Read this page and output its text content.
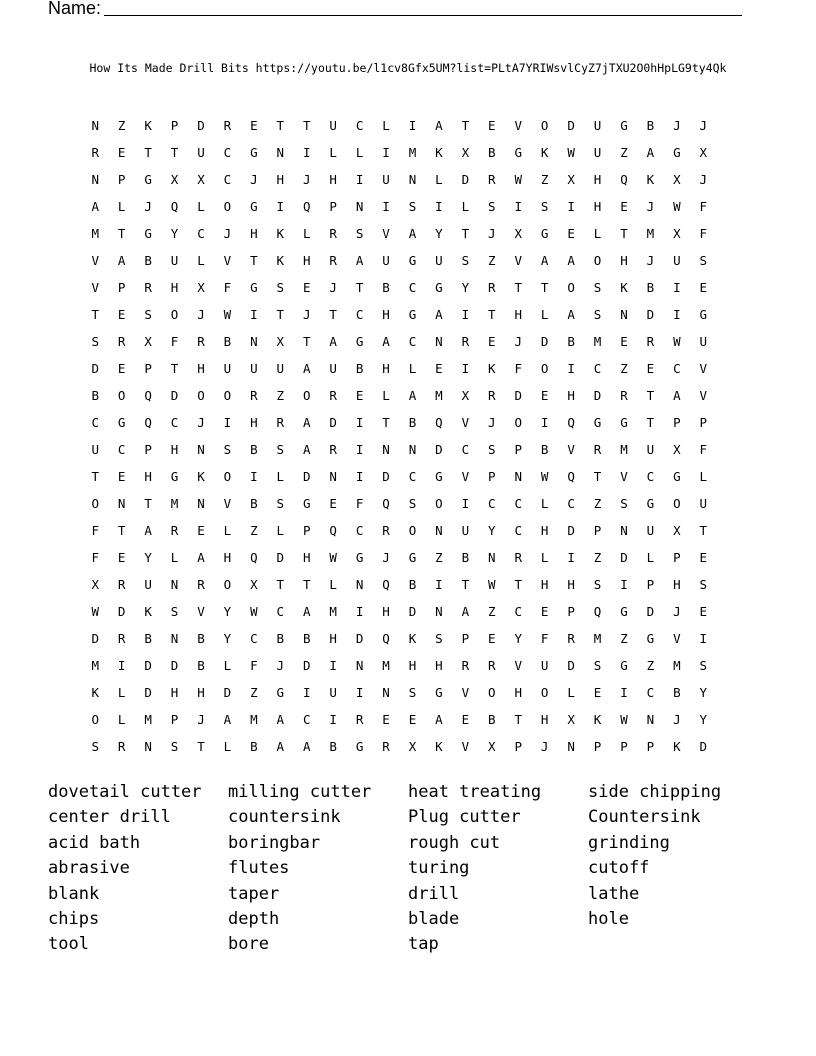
Name:
How Its Made Drill Bits https://youtu.be/l1cv8Gfx5UM?list=PLtA7YRIWsvlCyZ7jTXU2O0hHpLG9ty4Qk
N	Z	K	P	D	R	E	T	T	U	C	L	I	A	T	E	V	O	D	U	G	B	J	J
R	E	T	T	U	C	G	N	I	L	L	I	M	K	X	B	G	K	W	U	Z	A	G	X
N	P	G	X	X	C	J	H	J	H	I	U	N	L	D	R	W	Z	X	H	Q	K	X	J
A	L	J	Q	L	O	G	I	Q	P	N	I	S	I	L	S	I	S	I	H	E	J	W	F
M	T	G	Y	C	J	H	K	L	R	S	V	A	Y	T	J	X	G	E	L	T	M	X	F
V	A	B	U	L	V	T	K	H	R	A	U	G	U	S	Z	V	A	A	O	H	J	U	S
V	P	R	H	X	F	G	S	E	J	T	B	C	G	Y	R	T	T	O	S	K	B	I	E
T	E	S	O	J	W	I	T	J	T	C	H	G	A	I	T	H	L	A	S	N	D	I	G
S	R	X	F	R	B	N	X	T	A	G	A	C	N	R	E	J	D	B	M	E	R	W	U
D	E	P	T	H	U	U	U	A	U	B	H	L	E	I	K	F	O	I	C	Z	E	C	V
B	O	Q	D	O	O	R	Z	O	R	E	L	A	M	X	R	D	E	H	D	R	T	A	V
C	G	Q	C	J	I	H	R	A	D	I	T	B	Q	V	J	O	I	Q	G	G	T	P	P
U	C	P	H	N	S	B	S	A	R	I	N	N	D	C	S	P	B	V	R	M	U	X	F
T	E	H	G	K	O	I	L	D	N	I	D	C	G	V	P	N	W	Q	T	V	C	G	L
O	N	T	M	N	V	B	S	G	E	F	Q	S	O	I	C	C	L	C	Z	S	G	O	U
F	T	A	R	E	L	Z	L	P	Q	C	R	O	N	U	Y	C	H	D	P	N	U	X	T
F	E	Y	L	A	H	Q	D	H	W	G	J	G	Z	B	N	R	L	I	Z	D	L	P	E
X	R	U	N	R	O	X	T	T	L	N	Q	B	I	T	W	T	H	H	S	I	P	H	S
W	D	K	S	V	Y	W	C	A	M	I	H	D	N	A	Z	C	E	P	Q	G	D	J	E
D	R	B	N	B	Y	C	B	B	H	D	Q	K	S	P	E	Y	F	R	M	Z	G	V	I
M	I	D	D	B	L	F	J	D	I	N	M	H	H	R	R	V	U	D	S	G	Z	M	S
K	L	D	H	H	D	Z	G	I	U	I	N	S	G	V	O	H	O	L	E	I	C	B	Y
O	L	M	P	J	A	M	A	C	I	R	E	E	A	E	B	T	H	X	K	W	N	J	Y
S	R	N	S	T	L	B	A	A	B	G	R	X	K	V	X	P	J	N	P	P	P	K	D
dovetail cutter	milling cutter	heat treating	side chipping
center drill	countersink	Plug cutter	Countersink
acid bath	boringbar	rough cut	grinding
abrasive	flutes	turing	cutoff
blank	taper	drill	lathe
chips	depth	blade	hole
tool	bore	tap
